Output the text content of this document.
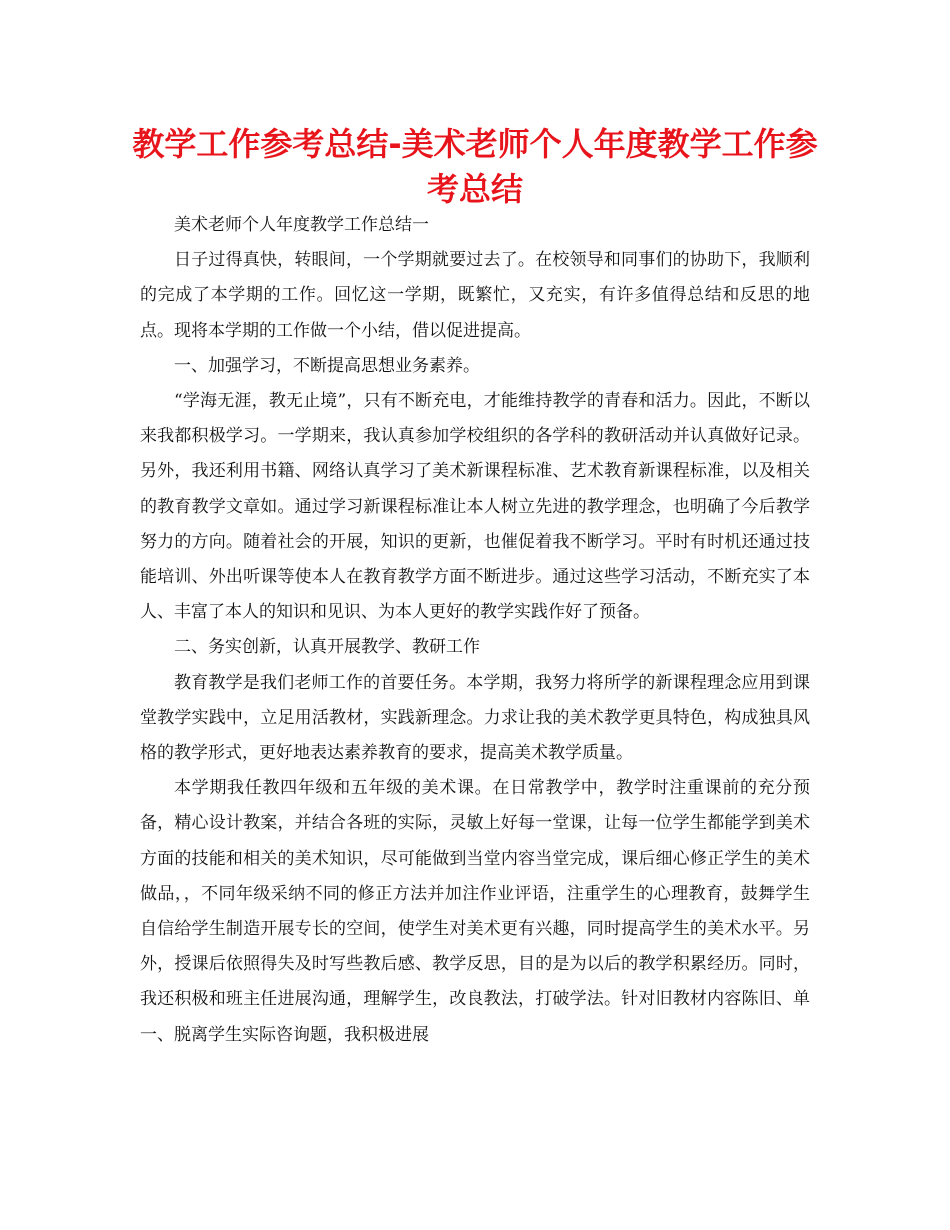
教学工作参考总结-美术老师个人年度教学工作参考总结

美术老师个人年度教学工作总结一

日子过得真快，转眼间，一个学期就要过去了。在校领导和同事们的协助下，我顺利的完成了本学期的工作。回忆这一学期，既繁忙，又充实，有许多值得总结和反思的地点。现将本学期的工作做一个小结，借以促进提高。

一、加强学习，不断提高思想业务素养。

“学海无涯，教无止境”，只有不断充电，才能维持教学的青春和活力。因此，不断以来我都积极学习。一学期来，我认真参加学校组织的各学科的教研活动并认真做好记录。另外，我还利用书籍、网络认真学习了美术新课程标准、艺术教育新课程标准，以及相关的教育教学文章如。通过学习新课程标准让本人树立先进的教学理念，也明确了今后教学努力的方向。随着社会的开展，知识的更新，也催促着我不断学习。平时有时机还通过技能培训、外出听课等使本人在教育教学方面不断进步。通过这些学习活动，不断充实了本人、丰富了本人的知识和见识、为本人更好的教学实践作好了预备。

二、务实创新，认真开展教学、教研工作

教育教学是我们老师工作的首要任务。本学期，我努力将所学的新课程理念应用到课堂教学实践中，立足用活教材，实践新理念。力求让我的美术教学更具特色，构成独具风格的教学形式，更好地表达素养教育的要求，提高美术教学质量。

本学期我任教四年级和五年级的美术课。在日常教学中，教学时注重课前的充分预备，精心设计教案，并结合各班的实际，灵敏上好每一堂课，让每一位学生都能学到美术方面的技能和相关的美术知识，尽可能做到当堂内容当堂完成，课后细心修正学生的美术做品，，不同年级采纳不同的修正方法并加注作业评语，注重学生的心理教育，鼓舞学生自信给学生制造开展专长的空间，使学生对美术更有兴趣，同时提高学生的美术水平。另外，授课后依照得失及时写些教后感、教学反思，目的是为以后的教学积累经历。同时，我还积极和班主任进展沟通，理解学生，改良教法，打破学法。针对旧教材内容陈旧、单一、脱离学生实际咨询题，我积极进展
